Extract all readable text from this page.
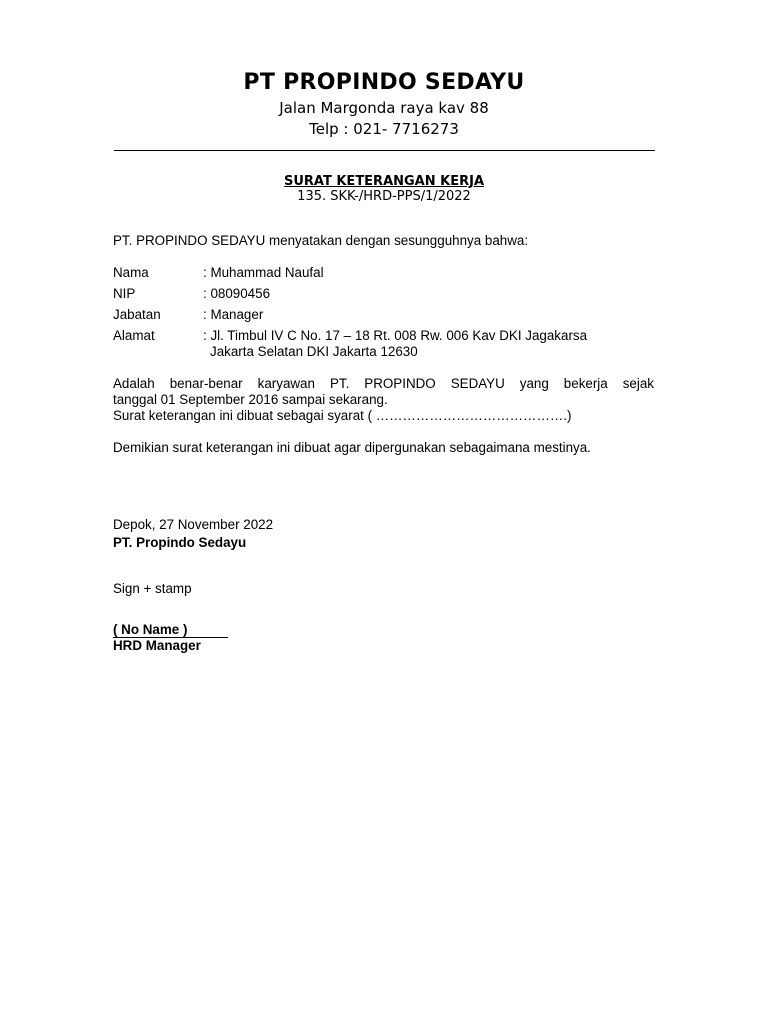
PT PROPINDO SEDAYU
Jalan Margonda raya kav 88
Telp : 021- 7716273
SURAT KETERANGAN KERJA
135. SKK-/HRD-PPS/1/2022
PT. PROPINDO SEDAYU menyatakan dengan sesungguhnya bahwa:
Nama	: Muhammad Naufal
NIP	: 08090456
Jabatan	: Manager
Alamat	: Jl. Timbul IV C No. 17 – 18 Rt. 008 Rw. 006 Kav DKI Jagakarsa
Jakarta Selatan DKI Jakarta 12630
Adalah benar-benar karyawan PT. PROPINDO SEDAYU yang bekerja sejak
tanggal 01 September 2016 sampai sekarang.
Surat keterangan ini dibuat sebagai syarat ( …………………………………….)
Demikian surat keterangan ini dibuat agar dipergunakan sebagaimana mestinya.
Depok, 27 November 2022
PT. Propindo Sedayu
Sign + stamp
( No Name )
HRD Manager
